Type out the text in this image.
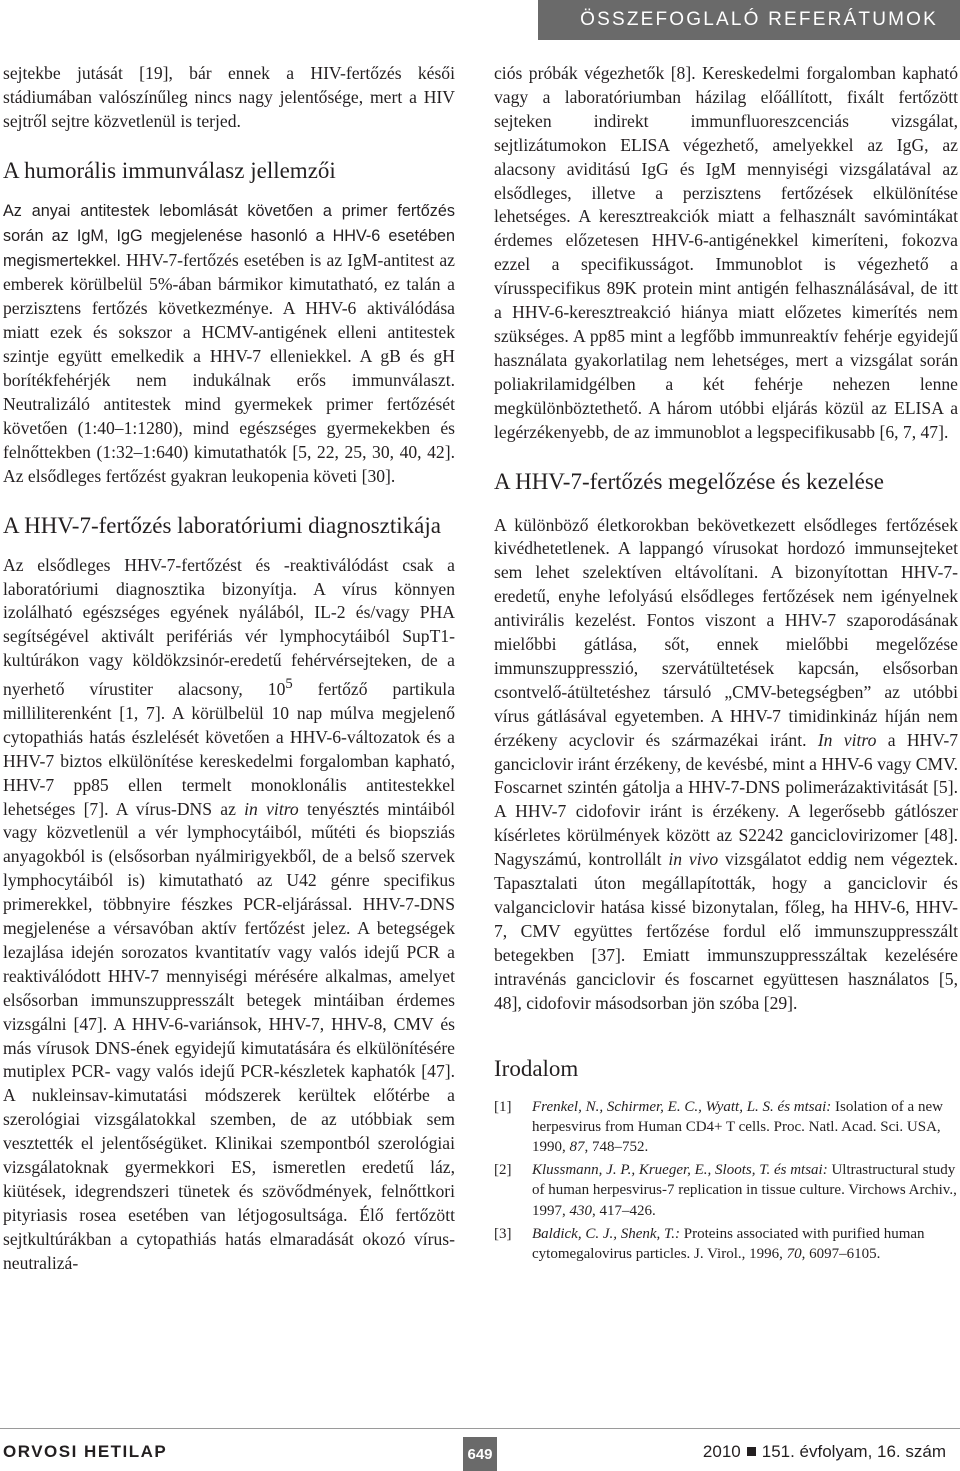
ÖSSZEFOGLALÓ REFERÁTUMOK

sejtekbe jutását [19], bár ennek a HIV-fertőzés késői stádiumában valószínűleg nincs nagy jelentősége, mert a HIV sejtről sejtre közvetlenül is terjed.

A humorális immunválasz jellemzői

Az anyai antitestek lebomlását követően a primer fertőzés során az IgM, IgG megjelenése hasonló a HHV-6 esetében megismertekkel. HHV-7-fertőzés esetében is az IgM-antitest az emberek körülbelül 5%-ában bármikor kimutatható, ez talán a perzisztens fertőzés következménye. A HHV-6 aktiválódása miatt ezek és sokszor a HCMV-antigének elleni antitestek szintje együtt emelkedik a HHV-7 elleniekkel. A gB és gH borítékfehérjék nem indukálnak erős immunválaszt. Neutralizáló antitestek mind gyermekek primer fertőzését követően (1:40–1:1280), mind egészséges gyermekekben és felnőttekben (1:32–1:640) kimutathatók [5, 22, 25, 30, 40, 42]. Az elsődleges fertőzést gyakran leukopenia követi [30].

A HHV-7-fertőzés laboratóriumi diagnosztikája

Az elsődleges HHV-7-fertőzést és -reaktiválódást csak a laboratóriumi diagnosztika bizonyítja. A vírus könnyen izolálható egészséges egyének nyálából, IL-2 és/vagy PHA segítségével aktivált perifériás vér lymphocytáiból SupT1-kultúrákon vagy köldökzsinór-eredetű fehérvérsejteken, de a nyerhető vírustiter alacsony, $10^5$ fertőző partikula milliliterenként [1, 7]. A körülbelül 10 nap múlva megjelenő cytopathiás hatás észlelését követően a HHV-6-változatok és a HHV-7 biztos elkülönítése kereskedelmi forgalomban kapható, HHV-7 pp85 ellen termelt monoklonális antitestekkel lehetséges [7]. A vírus-DNS az in vitro tenyésztés mintáiból vagy közvetlenül a vér lymphocytáiból, műtéti és biopsziás anyagokból is (elsősorban nyálmirigyekből, de a belső szervek lymphocytáiból is) kimutatható az U42 génre specifikus primerekkel, többnyire fészkes PCR-eljárással. HHV-7-DNS megjelenése a vérsavóban aktív fertőzést jelez. A betegségek lezajlása idején sorozatos kvantitatív vagy valós idejű PCR a reaktiválódott HHV-7 mennyiségi mérésére alkalmas, amelyet elsősorban immunszuppresszált betegek mintáiban érdemes vizsgálni [47]. A HHV-6-variánsok, HHV-7, HHV-8, CMV és más vírusok DNS-ének egyidejű kimutatására és elkülönítésére mutiplex PCR- vagy valós idejű PCR-készletek kaphatók [47]. A nukleinsav-kimutatási módszerek kerültek előtérbe a szerológiai vizsgálatokkal szemben, de az utóbbiak sem vesztették el jelentőségüket. Klinikai szempontból szerológiai vizsgálatoknak gyermekkori ES, ismeretlen eredetű láz, kiütések, idegrendszeri tünetek és szövődmények, felnőttkori pityriasis rosea esetében van létjogosultsága. Élő fertőzött sejtkultúrákban a cytopathiás hatás elmaradását okozó vírus-neutralizá-

ciós próbák végezhetők [8]. Kereskedelmi forgalomban kapható vagy a laboratóriumban házilag előállított, fixált fertőzött sejteken indirekt immunfluoreszcenciás vizsgálat, sejtlizátumokon ELISA végezhető, amelyekkel az IgG, az alacsony aviditású IgG és IgM mennyiségi vizsgálatával az elsődleges, illetve a perzisztens fertőzések elkülönítése lehetséges. A keresztreakciók miatt a felhasznált savómintákat érdemes előzetesen HHV-6-antigénekkel kimeríteni, fokozva ezzel a specifikusságot. Immunoblot is végezhető a vírusspecifikus 89K protein mint antigén felhasználásával, de itt a HHV-6-keresztreakció hiánya miatt előzetes kimerítés nem szükséges. A pp85 mint a legfőbb immunreaktív fehérje egyidejű használata gyakorlatilag nem lehetséges, mert a vizsgálat során poliakrilamidgélben a két fehérje nehezen lenne megkülönböztethető. A három utóbbi eljárás közül az ELISA a legérzékenyebb, de az immunoblot a legspecifikusabb [6, 7, 47].

A HHV-7-fertőzés megelőzése és kezelése

A különböző életkorokban bekövetkezett elsődleges fertőzések kivédhetetlenek. A lappangó vírusokat hordozó immunsejteket sem lehet szelektíven eltávolítani. A bizonyítottan HHV-7-eredetű, enyhe lefolyású elsődleges fertőzések nem igényelnek antivirális kezelést. Fontos viszont a HHV-7 szaporodásának mielőbbi gátlása, sőt, ennek mielőbbi megelőzése immunszuppresszió, szervátültetések kapcsán, elsősorban csontvelő-átültetéshez társuló „CMV-betegségben” az utóbbi vírus gátlásával egyetemben. A HHV-7 timidinkináz híján nem érzékeny acyclovir és származékai iránt. In vitro a HHV-7 ganciclovir iránt érzékeny, de kevésbé, mint a HHV-6 vagy CMV. Foscarnet szintén gátolja a HHV-7-DNS polimerázaktivitását [5]. A HHV-7 cidofovir iránt is érzékeny. A legerősebb gátlószer kísérletes körülmények között az S2242 ganciclovirizomer [48]. Nagyszámú, kontrollált in vivo vizsgálatot eddig nem végeztek. Tapasztalati úton megállapították, hogy a ganciclovir és valganciclovir hatása kissé bizonytalan, főleg, ha HHV-6, HHV-7, CMV együttes fertőzése fordul elő immunszuppresszált betegekben [37]. Emiatt immunszuppresszáltak kezelésére intravénás ganciclovir és foscarnet együttesen használatos [5, 48], cidofovir másodsorban jön szóba [29].

Irodalom
[1]	Frenkel, N., Schirmer, E. C., Wyatt, L. S. és mtsai: Isolation of a new herpesvirus from Human CD4+ T cells. Proc. Natl. Acad. Sci. USA, 1990, 87, 748–752.
[2]	Klussmann, J. P., Krueger, E., Sloots, T. és mtsai: Ultrastructural study of human herpesvirus-7 replication in tissue culture. Virchows Archiv., 1997, 430, 417–426.
[3]	Baldick, C. J., Shenk, T.: Proteins associated with purified human cytomegalovirus particles. J. Virol., 1996, 70, 6097–6105.
ORVOSI HETILAP	649	2010 151. évfolyam, 16. szám
